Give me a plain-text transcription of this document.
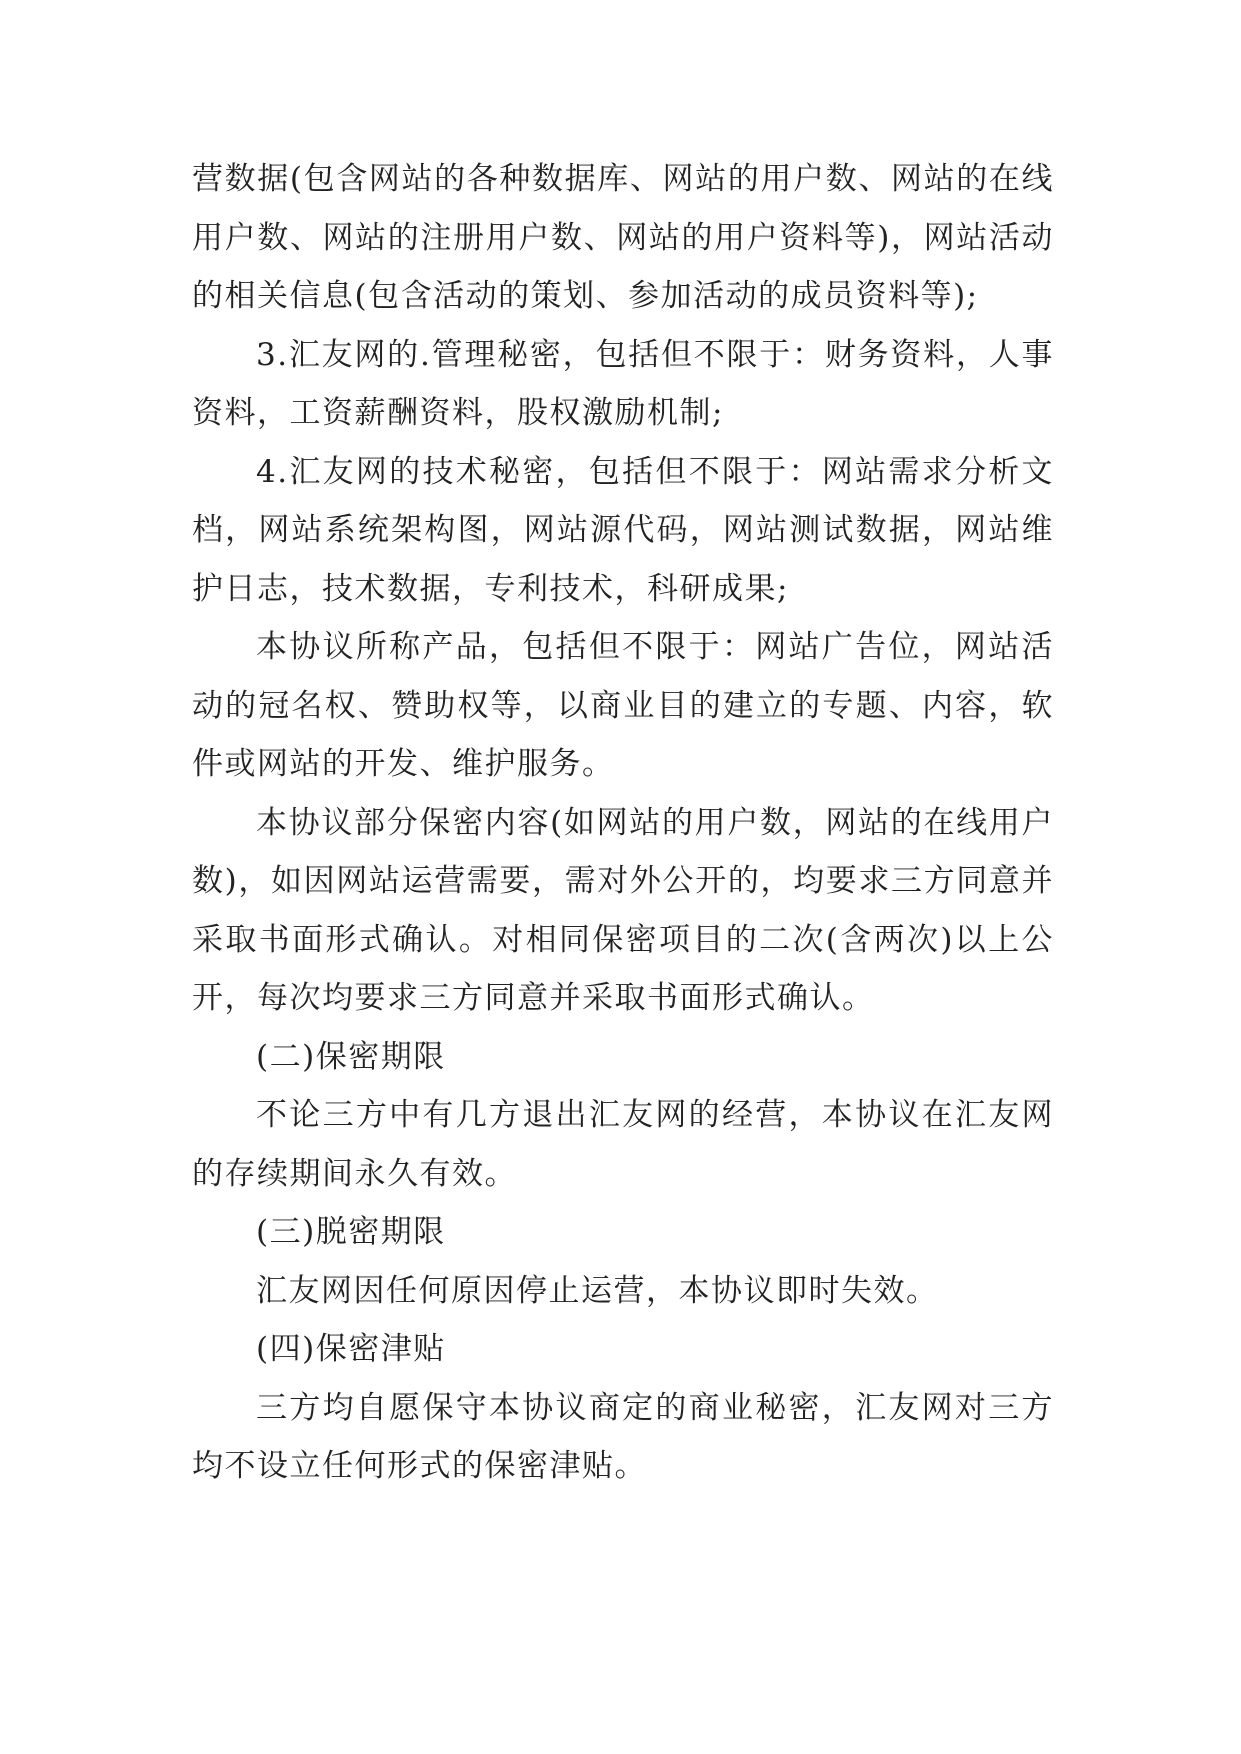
营数据(包含网站的各种数据库、网站的用户数、网站的在线用户数、网站的注册用户数、网站的用户资料等)，网站活动的相关信息(包含活动的策划、参加活动的成员资料等);

3.汇友网的.管理秘密，包括但不限于：财务资料，人事资料，工资薪酬资料，股权激励机制;

4.汇友网的技术秘密，包括但不限于：网站需求分析文档，网站系统架构图，网站源代码，网站测试数据，网站维护日志，技术数据，专利技术，科研成果;

本协议所称产品，包括但不限于：网站广告位，网站活动的冠名权、赞助权等，以商业目的建立的专题、内容，软件或网站的开发、维护服务。

本协议部分保密内容(如网站的用户数，网站的在线用户数)，如因网站运营需要，需对外公开的，均要求三方同意并采取书面形式确认。对相同保密项目的二次(含两次)以上公开，每次均要求三方同意并采取书面形式确认。

(二)保密期限

不论三方中有几方退出汇友网的经营，本协议在汇友网的存续期间永久有效。

(三)脱密期限

汇友网因任何原因停止运营，本协议即时失效。

(四)保密津贴

三方均自愿保守本协议商定的商业秘密，汇友网对三方均不设立任何形式的保密津贴。
